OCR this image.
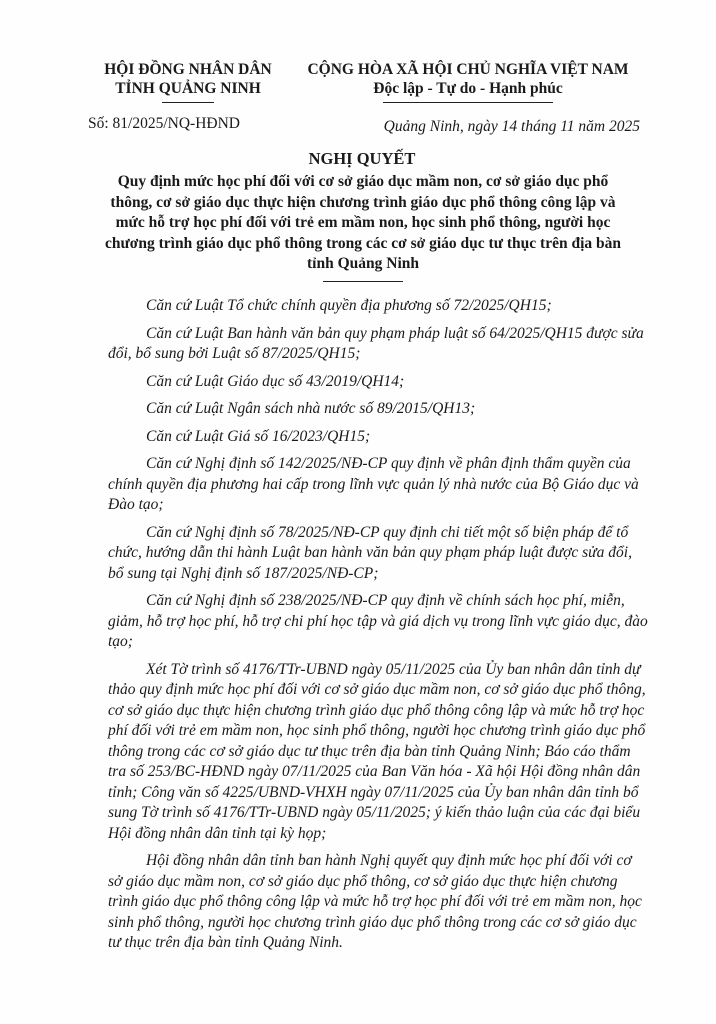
HỘI ĐỒNG NHÂN DÂN
TỈNH QUẢNG NINH
CỘNG HÒA XÃ HỘI CHỦ NGHĨA VIỆT NAM
Độc lập - Tự do - Hạnh phúc
Số: 81/2025/NQ-HĐND	Quảng Ninh, ngày 14 tháng 11 năm 2025
NGHỊ QUYẾT
Quy định mức học phí đối với cơ sở giáo dục mầm non, cơ sở giáo dục phổ thông, cơ sở giáo dục thực hiện chương trình giáo dục phổ thông công lập và mức hỗ trợ học phí đối với trẻ em mầm non, học sinh phổ thông, người học chương trình giáo dục phổ thông trong các cơ sở giáo dục tư thục trên địa bàn tỉnh Quảng Ninh

Căn cứ Luật Tổ chức chính quyền địa phương số 72/2025/QH15;

Căn cứ Luật Ban hành văn bản quy phạm pháp luật số 64/2025/QH15 được sửa đổi, bổ sung bởi Luật số 87/2025/QH15;

Căn cứ Luật Giáo dục số 43/2019/QH14;

Căn cứ Luật Ngân sách nhà nước số 89/2015/QH13;

Căn cứ Luật Giá số 16/2023/QH15;

Căn cứ Nghị định số 142/2025/NĐ-CP quy định về phân định thẩm quyền của chính quyền địa phương hai cấp trong lĩnh vực quản lý nhà nước của Bộ Giáo dục và Đào tạo;

Căn cứ Nghị định số 78/2025/NĐ-CP quy định chi tiết một số biện pháp để tổ chức, hướng dẫn thi hành Luật ban hành văn bản quy phạm pháp luật được sửa đổi, bổ sung tại Nghị định số 187/2025/NĐ-CP;

Căn cứ Nghị định số 238/2025/NĐ-CP quy định về chính sách học phí, miễn, giảm, hỗ trợ học phí, hỗ trợ chi phí học tập và giá dịch vụ trong lĩnh vực giáo dục, đào tạo;

Xét Tờ trình số 4176/TTr-UBND ngày 05/11/2025 của Ủy ban nhân dân tỉnh dự thảo quy định mức học phí đối với cơ sở giáo dục mầm non, cơ sở giáo dục phổ thông, cơ sở giáo dục thực hiện chương trình giáo dục phổ thông công lập và mức hỗ trợ học phí đối với trẻ em mầm non, học sinh phổ thông, người học chương trình giáo dục phổ thông trong các cơ sở giáo dục tư thục trên địa bàn tỉnh Quảng Ninh; Báo cáo thẩm tra số 253/BC-HĐND ngày 07/11/2025 của Ban Văn hóa - Xã hội Hội đồng nhân dân tỉnh; Công văn số 4225/UBND-VHXH ngày 07/11/2025 của Ủy ban nhân dân tỉnh bổ sung Tờ trình số 4176/TTr-UBND ngày 05/11/2025; ý kiến thảo luận của các đại biểu Hội đồng nhân dân tỉnh tại kỳ họp;

Hội đồng nhân dân tỉnh ban hành Nghị quyết quy định mức học phí đối với cơ sở giáo dục mầm non, cơ sở giáo dục phổ thông, cơ sở giáo dục thực hiện chương trình giáo dục phổ thông công lập và mức hỗ trợ học phí đối với trẻ em mầm non, học sinh phổ thông, người học chương trình giáo dục phổ thông trong các cơ sở giáo dục tư thục trên địa bàn tỉnh Quảng Ninh.
